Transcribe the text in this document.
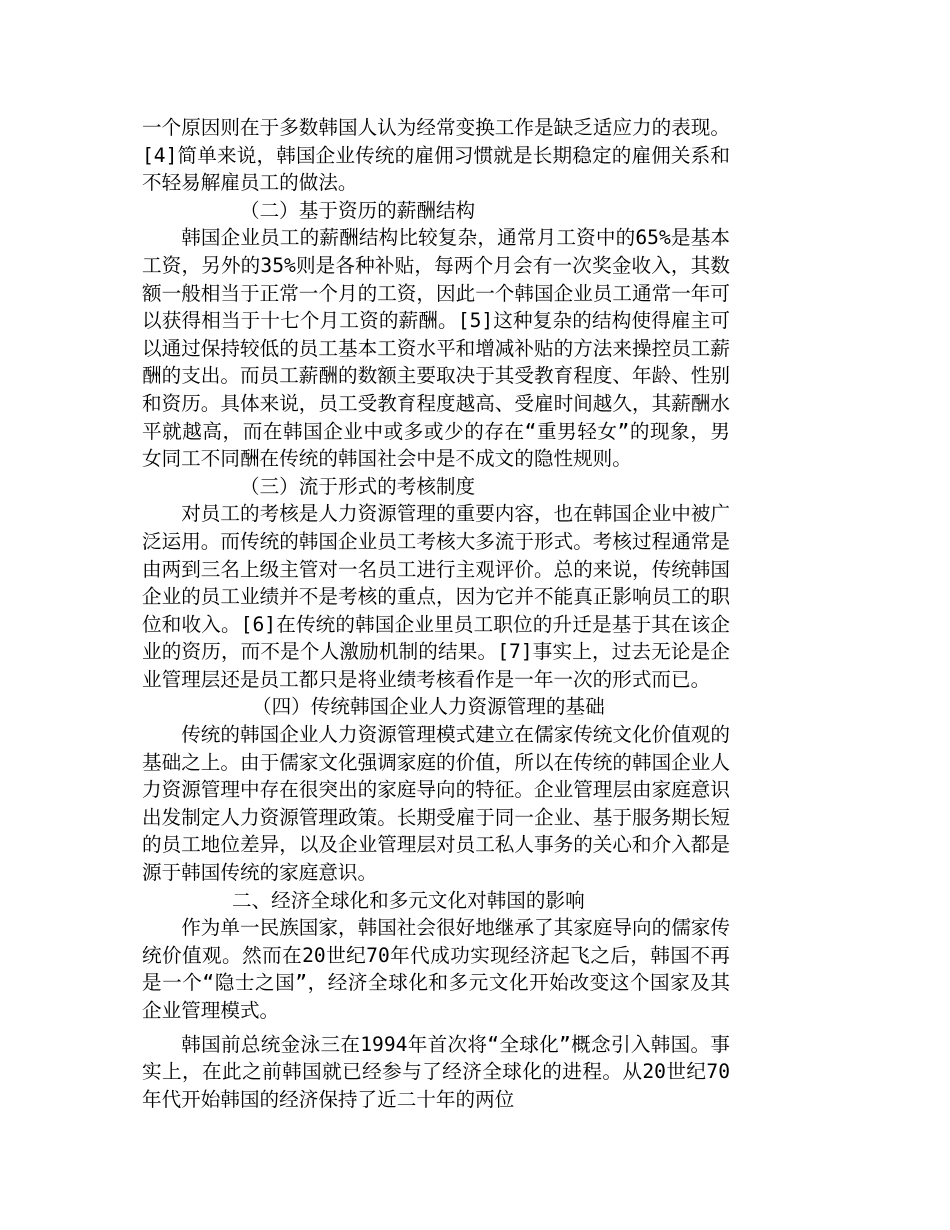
一个原因则在于多数韩国人认为经常变换工作是缺乏适应力的表现。[4]简单来说，韩国企业传统的雇佣习惯就是长期稳定的雇佣关系和不轻易解雇员工的做法。

（二）基于资历的薪酬结构

韩国企业员工的薪酬结构比较复杂，通常月工资中的65%是基本工资，另外的35%则是各种补贴，每两个月会有一次奖金收入，其数额一般相当于正常一个月的工资，因此一个韩国企业员工通常一年可以获得相当于十七个月工资的薪酬。[5]这种复杂的结构使得雇主可以通过保持较低的员工基本工资水平和增减补贴的方法来操控员工薪酬的支出。而员工薪酬的数额主要取决于其受教育程度、年龄、性别和资历。具体来说，员工受教育程度越高、受雇时间越久，其薪酬水平就越高，而在韩国企业中或多或少的存在“重男轻女”的现象，男女同工不同酬在传统的韩国社会中是不成文的隐性规则。

（三）流于形式的考核制度

对员工的考核是人力资源管理的重要内容，也在韩国企业中被广泛运用。而传统的韩国企业员工考核大多流于形式。考核过程通常是由两到三名上级主管对一名员工进行主观评价。总的来说，传统韩国企业的员工业绩并不是考核的重点，因为它并不能真正影响员工的职位和收入。[6]在传统的韩国企业里员工职位的升迁是基于其在该企业的资历，而不是个人激励机制的结果。[7]事实上，过去无论是企业管理层还是员工都只是将业绩考核看作是一年一次的形式而已。

（四）传统韩国企业人力资源管理的基础

传统的韩国企业人力资源管理模式建立在儒家传统文化价值观的基础之上。由于儒家文化强调家庭的价值，所以在传统的韩国企业人力资源管理中存在很突出的家庭导向的特征。企业管理层由家庭意识出发制定人力资源管理政策。长期受雇于同一企业、基于服务期长短的员工地位差异，以及企业管理层对员工私人事务的关心和介入都是源于韩国传统的家庭意识。

二、经济全球化和多元文化对韩国的影响

作为单一民族国家，韩国社会很好地继承了其家庭导向的儒家传统价值观。然而在20世纪70年代成功实现经济起飞之后，韩国不再是一个“隐士之国”，经济全球化和多元文化开始改变这个国家及其企业管理模式。

韩国前总统金泳三在1994年首次将“全球化”概念引入韩国。事实上，在此之前韩国就已经参与了经济全球化的进程。从20世纪70年代开始韩国的经济保持了近二十年的两位
